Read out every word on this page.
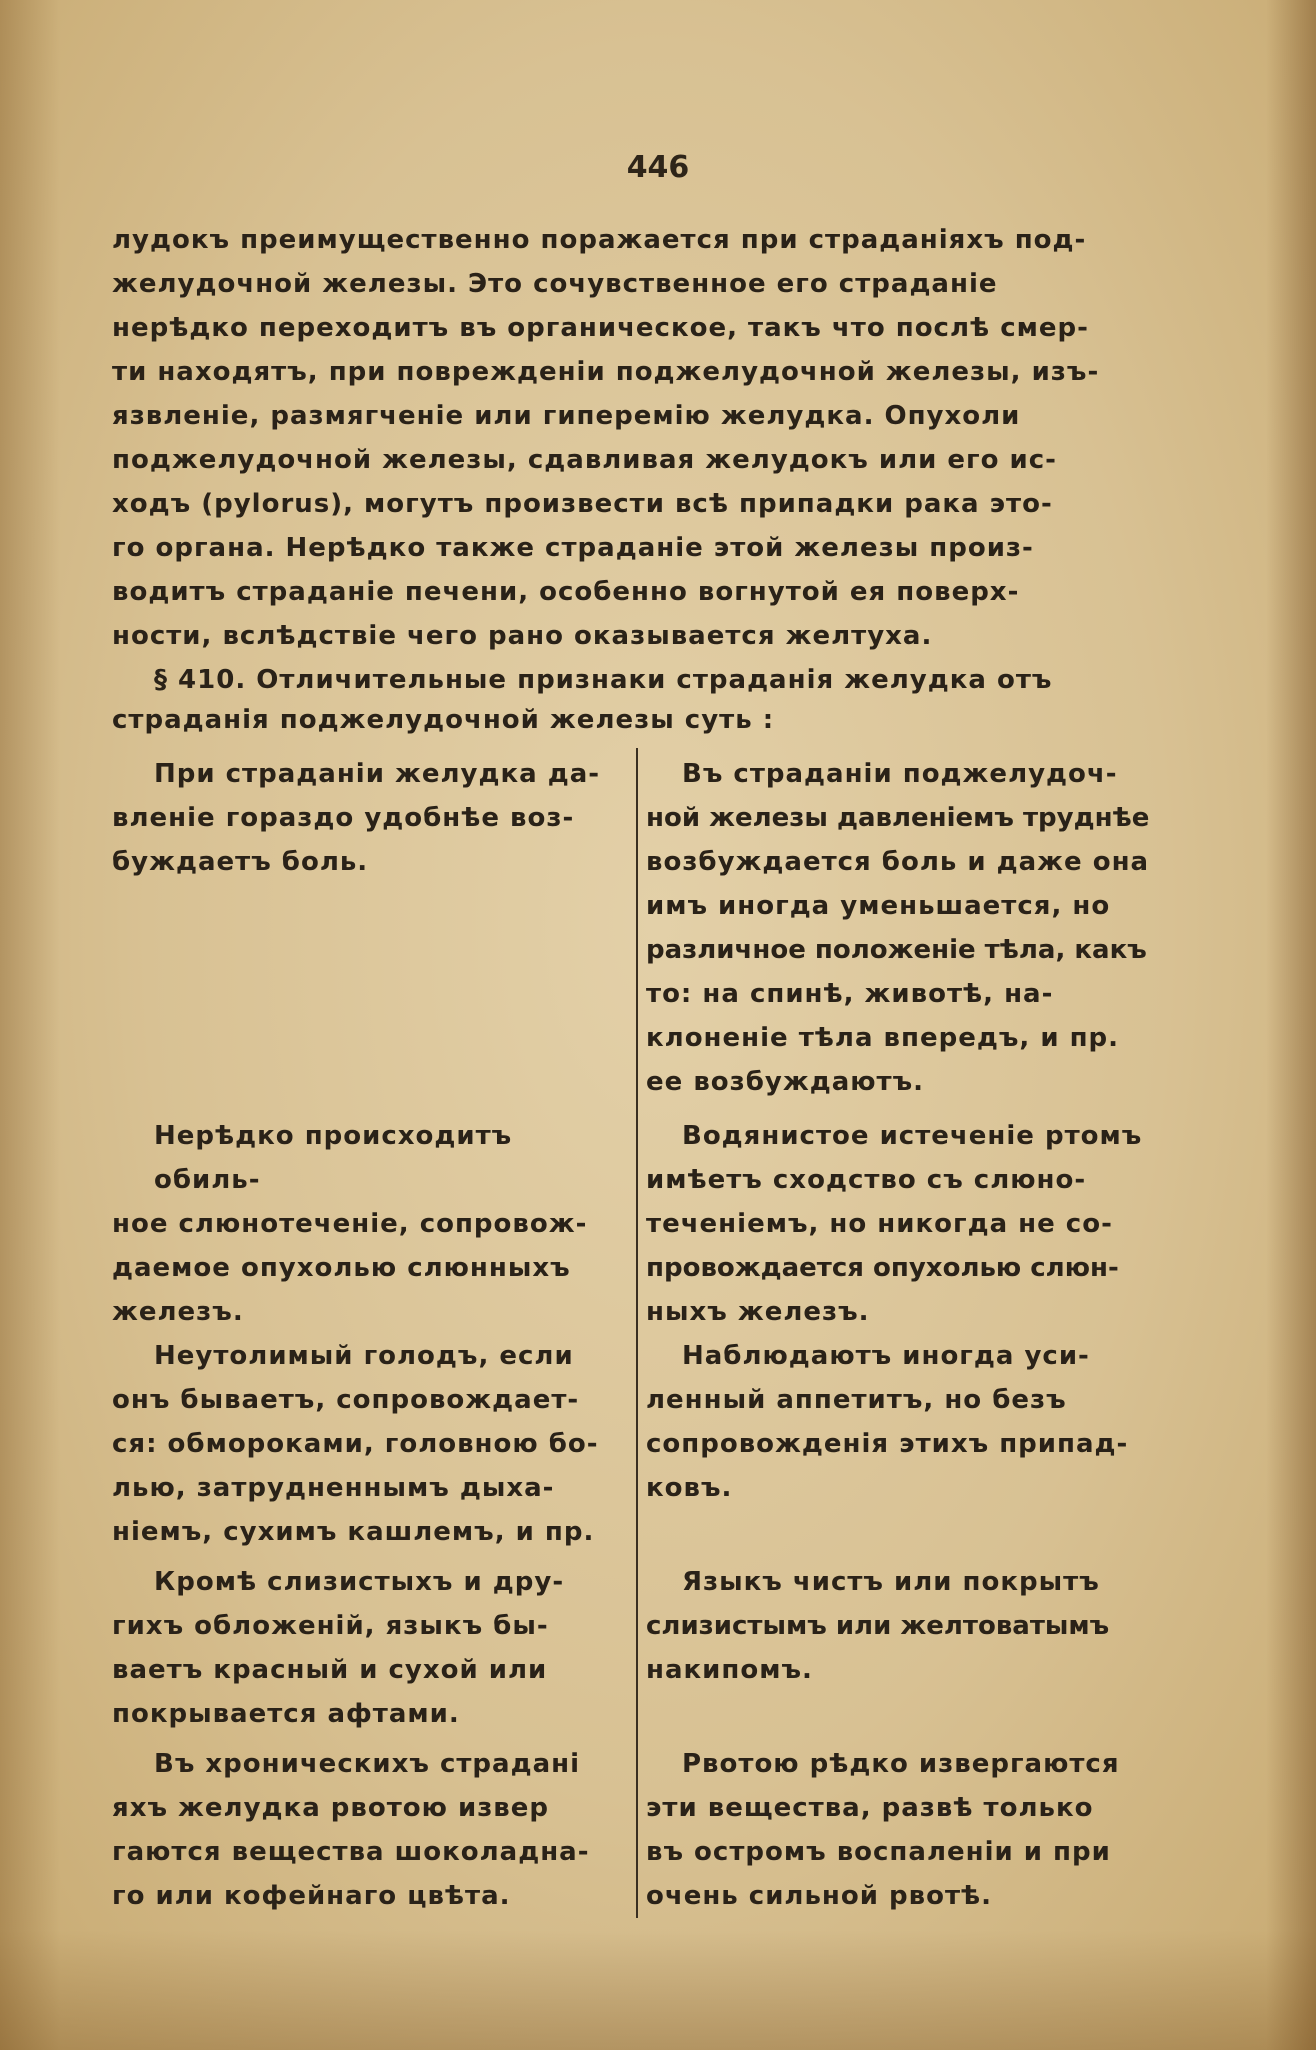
446
лудокъ преимущественно поражается при страданіяхъ под-
желудочной железы. Это сочувственное его страданіе
нерѣдко переходитъ въ органическое, такъ что послѣ смер-
ти находятъ, при поврежденіи поджелудочной железы, изъ-
язвленіе, размягченіе или гиперемію желудка. Опухоли
поджелудочной железы, сдавливая желудокъ или его ис-
ходъ (pylorus), могутъ произвести всѣ припадки рака это-
го органа. Нерѣдко также страданіе этой железы произ-
водитъ страданіе печени, особенно вогнутой ея поверх-
ности, вслѣдствіе чего рано оказывается желтуха.
§ 410. Отличительные признаки страданія желудка отъ
страданія поджелудочной железы суть :
При страданіи желудка да-
вленіе гораздо удобнѣе воз-
буждаетъ боль.
Нерѣдко происходитъ обиль-
ное слюнотеченіе, сопровож-
даемое опухолью слюнныхъ
железъ.
Неутолимый голодъ, если
онъ бываетъ, сопровождает-
ся: обмороками, головною бо-
лью, затрудненнымъ дыха-
ніемъ, сухимъ кашлемъ, и пр.
Кромѣ слизистыхъ и дру-
гихъ обложеній, языкъ бы-
ваетъ красный и сухой или
покрывается афтами.
Въ хроническихъ страдані
яхъ желудка рвотою извер
гаются вещества шоколадна-
го или кофейнаго цвѣта.
Въ страданіи поджелудоч-
ной железы давленіемъ труднѣе
возбуждается боль и даже она
имъ иногда уменьшается, но
различное положеніе тѣла, какъ
то: на спинѣ, животѣ, на-
клоненіе тѣла впередъ, и пр.
ее возбуждаютъ.
Водянистое истеченіе ртомъ
имѣетъ сходство съ слюно-
теченіемъ, но никогда не со-
провождается опухолью слюн-
ныхъ железъ.
Наблюдаютъ иногда уси-
ленный аппетитъ, но безъ
сопровожденія этихъ припад-
ковъ.
Языкъ чистъ или покрытъ
слизистымъ или желтоватымъ
накипомъ.
Рвотою рѣдко извергаются
эти вещества, развѣ только
въ остромъ воспаленіи и при
очень сильной рвотѣ.
